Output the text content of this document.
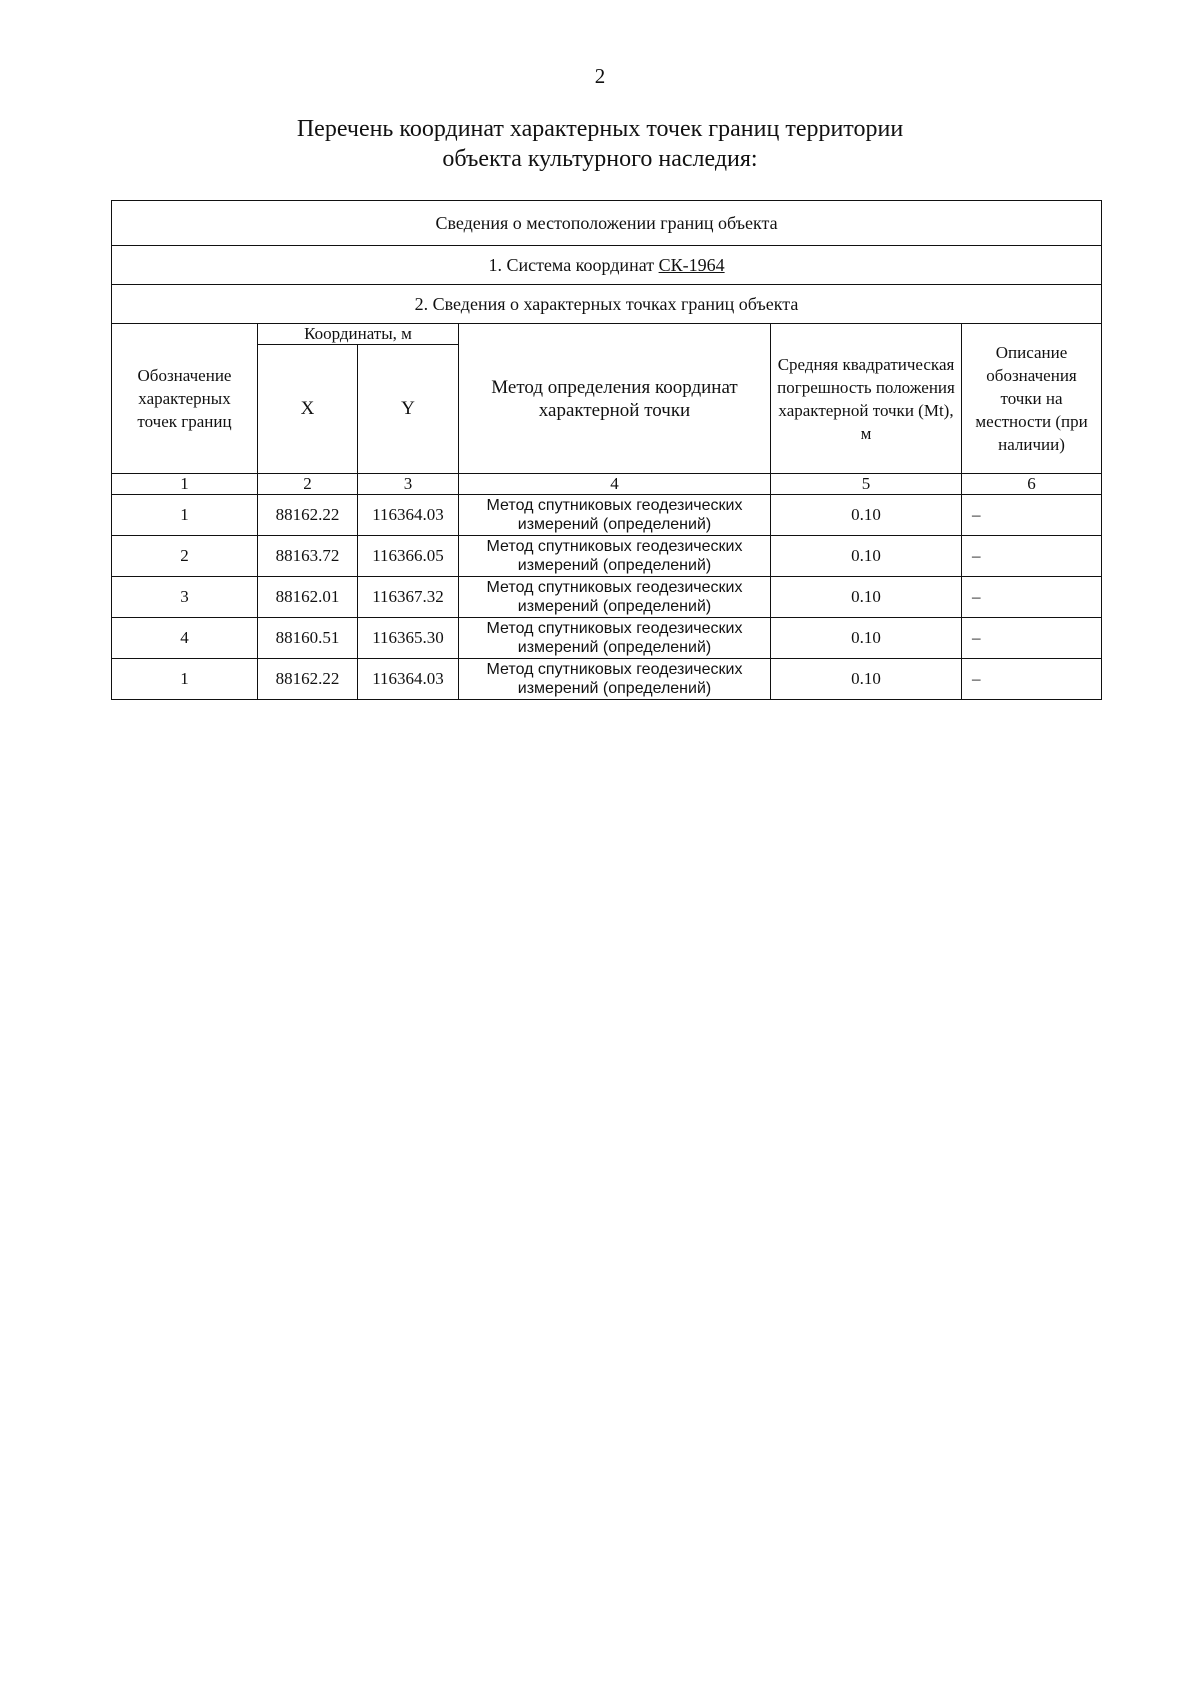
2
Перечень координат характерных точек границ территории
объекта культурного наследия:
Сведения о местоположении границ объекта					
1. Система координат СК-1964					
2. Сведения о характерных точках границ объекта					
Обозначение характерных точек границ	Координаты, м		Метод определения координат характерной точки	Средняя квадратическая погрешность положения характерной точки (Mt), м	Описание обозначения точки на местности (при наличии)
	X	Y			
1	2	3	4	5	6
1	88162.22	116364.03	Метод спутниковых геодезических измерений (определений)	0.10	–
2	88163.72	116366.05	Метод спутниковых геодезических измерений (определений)	0.10	–
3	88162.01	116367.32	Метод спутниковых геодезических измерений (определений)	0.10	–
4	88160.51	116365.30	Метод спутниковых геодезических измерений (определений)	0.10	–
1	88162.22	116364.03	Метод спутниковых геодезических измерений (определений)	0.10	–
